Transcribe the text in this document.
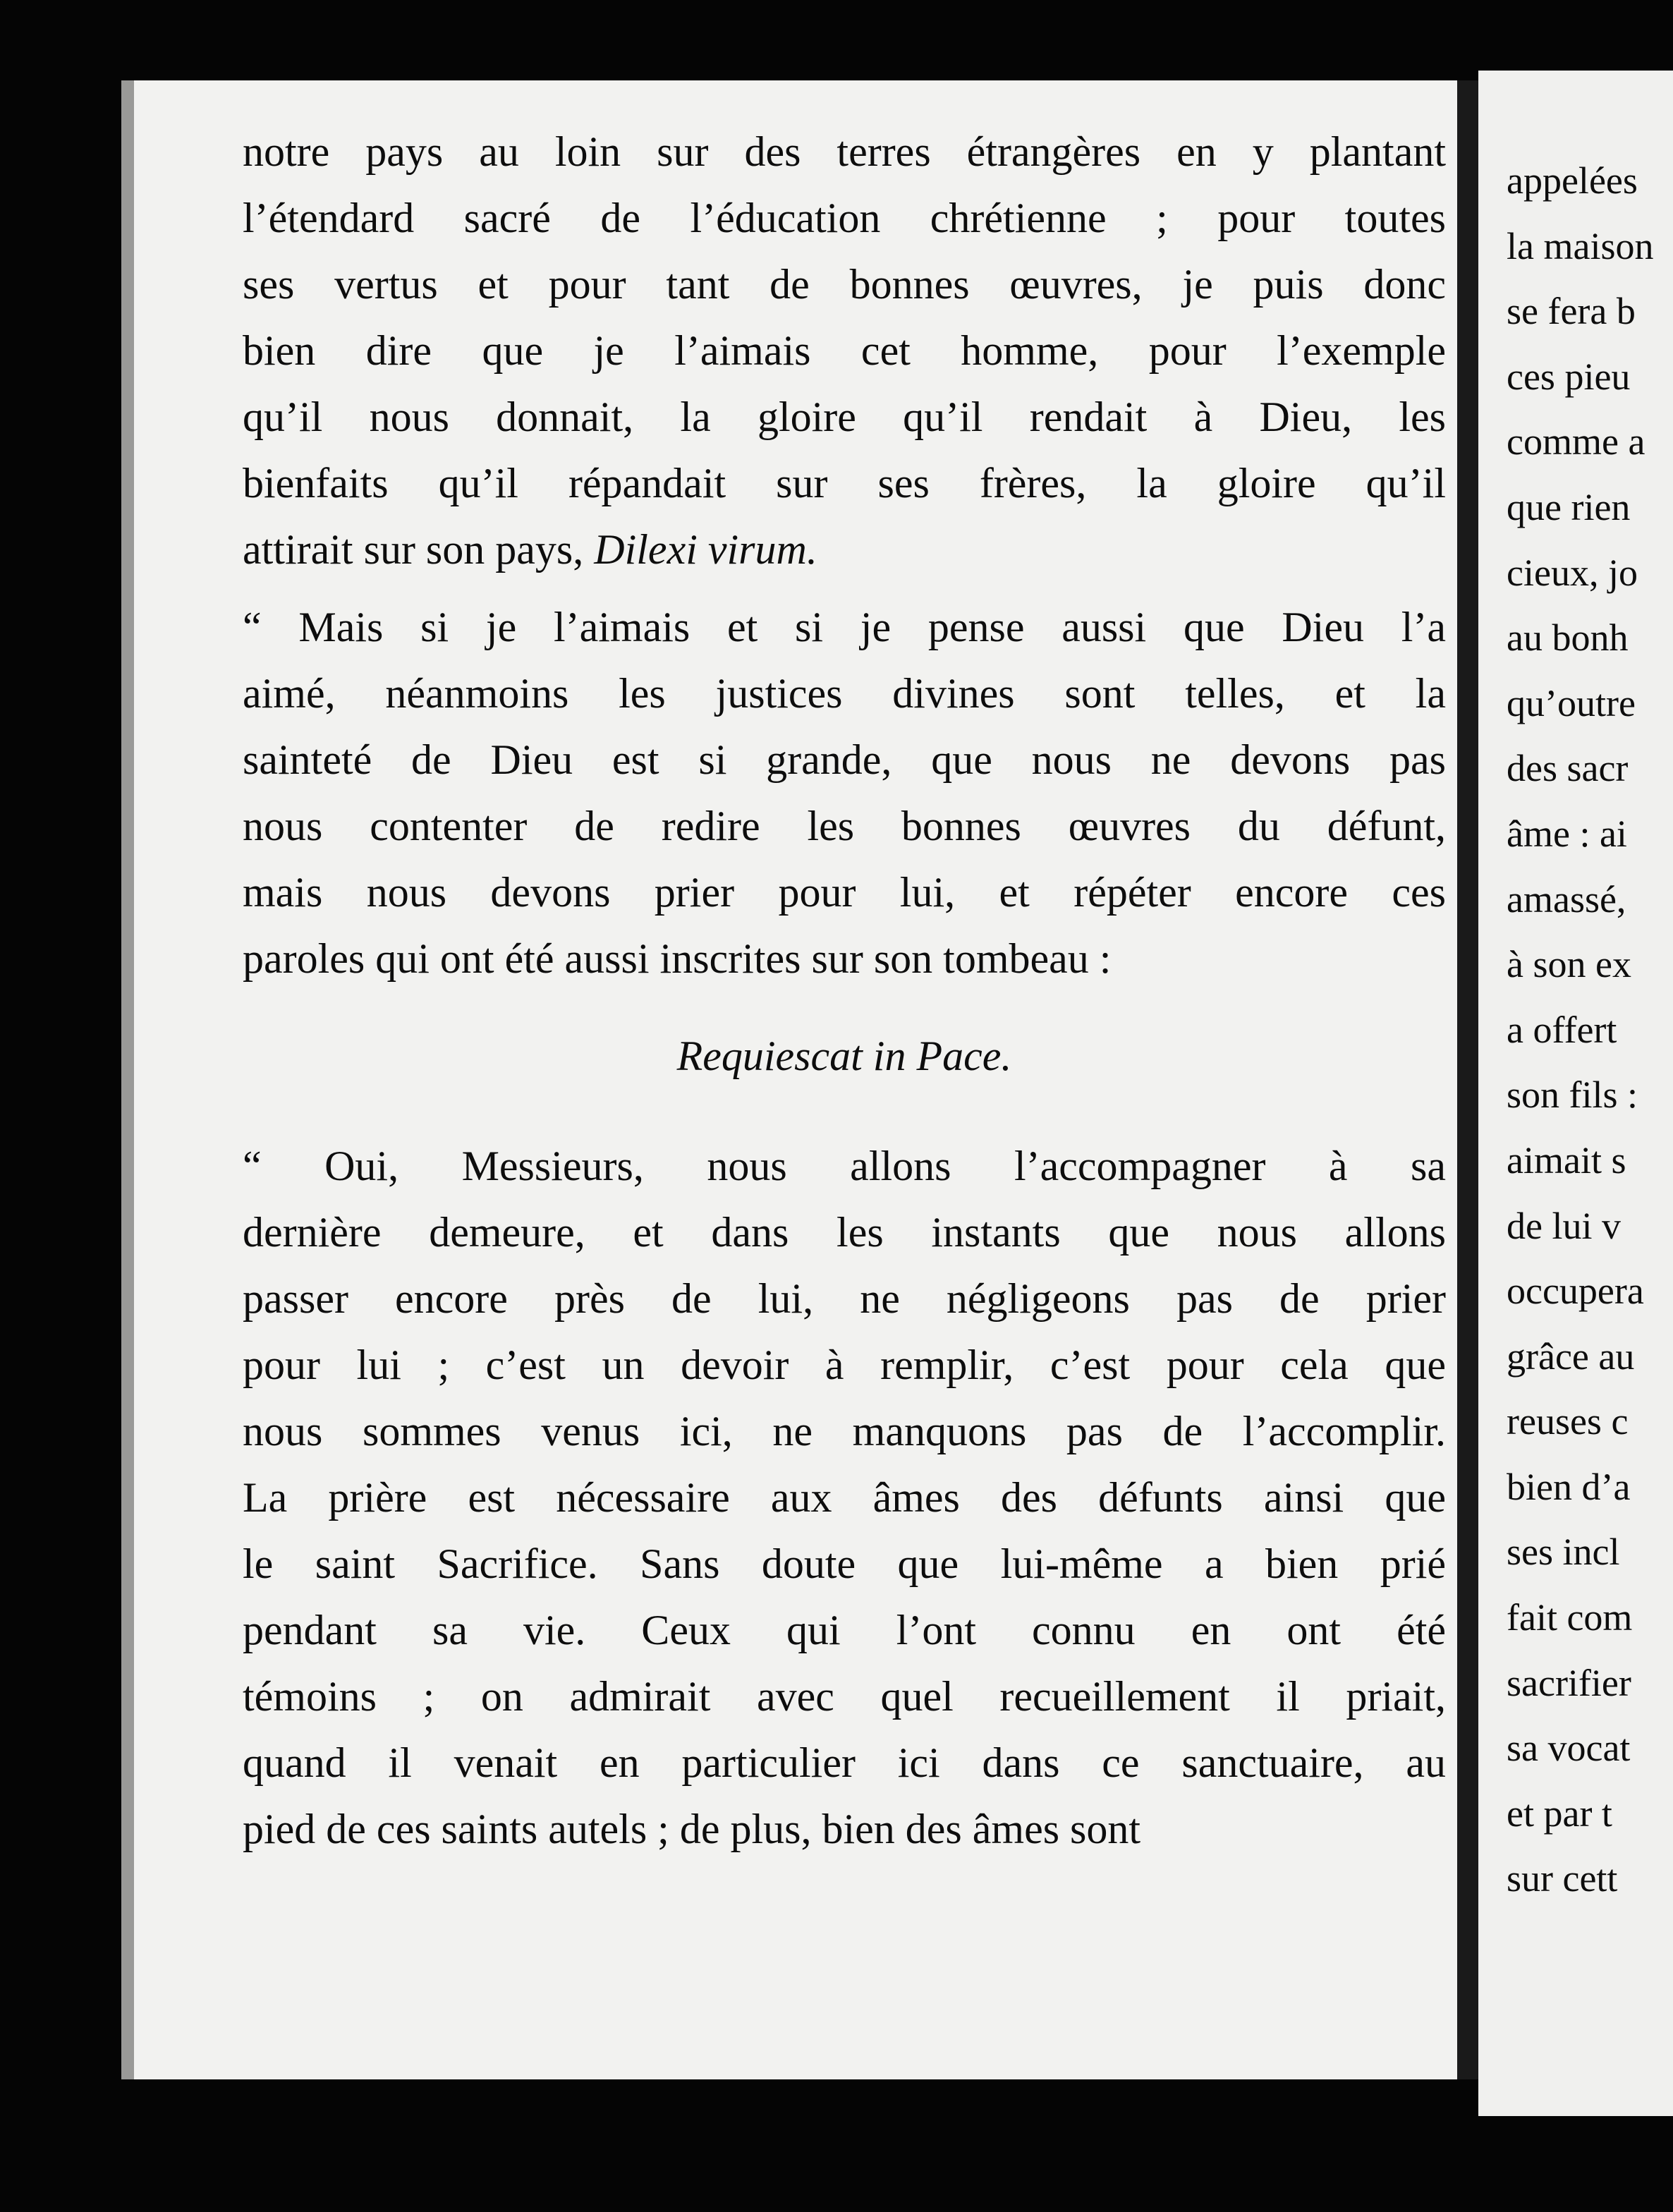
appelées
la maison
se fera b
ces pieu
comme a
que rien
cieux, jo
au bonh
qu’outre
des sacr
âme : ai
amassé,
à son ex
a offert
son fils :
aimait s
de lui v
occupera
grâce au
reuses c
bien d’a
ses incl
fait com
sacrifier
sa vocat
et par t
sur cett

notre pays au loin sur des terres étrangères en y plantant
l’étendard sacré de l’éducation chrétienne ; pour toutes
ses vertus et pour tant de bonnes œuvres, je puis donc
bien dire que je l’aimais cet homme, pour l’exemple
qu’il nous donnait, la gloire qu’il rendait à Dieu, les
bienfaits qu’il répandait sur ses frères, la gloire qu’il
attirait sur son pays, Dilexi virum.

“ Mais si je l’aimais et si je pense aussi que Dieu l’a
aimé, néanmoins les justices divines sont telles, et la
sainteté de Dieu est si grande, que nous ne devons pas
nous contenter de redire les bonnes œuvres du défunt,
mais nous devons prier pour lui, et répéter encore ces
paroles qui ont été aussi inscrites sur son tombeau :

Requiescat in Pace.

“ Oui, Messieurs, nous allons l’accompagner à sa
dernière demeure, et dans les instants que nous allons
passer encore près de lui, ne négligeons pas de prier
pour lui ; c’est un devoir à remplir, c’est pour cela que
nous sommes venus ici, ne manquons pas de l’accomplir.
La prière est nécessaire aux âmes des défunts ainsi que
le saint Sacrifice. Sans doute que lui-même a bien prié
pendant sa vie. Ceux qui l’ont connu en ont été
témoins ; on admirait avec quel recueillement il priait,
quand il venait en particulier ici dans ce sanctuaire, au
pied de ces saints autels ; de plus, bien des âmes sont
